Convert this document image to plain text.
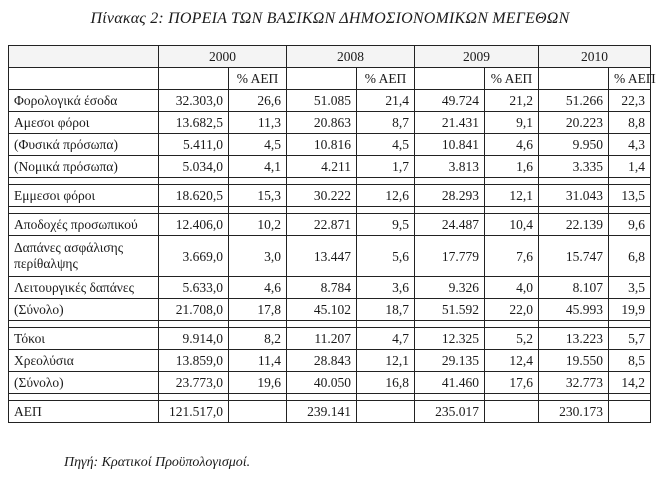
Πίνακας 2: ΠΟΡΕΙΑ ΤΩΝ ΒΑΣΙΚΩΝ ΔΗΜΟΣΙΟΝΟΜΙΚΩΝ ΜΕΓΕΘΩΝ
	2000		2008		2009		2010	
		% ΑΕΠ		% ΑΕΠ		% ΑΕΠ		% ΑΕΠ
Φορολογικά έσοδα	32.303,0	26,6	51.085	21,4	49.724	21,2	51.266	22,3
Αμεσοι φόροι	13.682,5	11,3	20.863	8,7	21.431	9,1	20.223	8,8
(Φυσικά πρόσωπα)	5.411,0	4,5	10.816	4,5	10.841	4,6	9.950	4,3
(Νομικά πρόσωπα)	5.034,0	4,1	4.211	1,7	3.813	1,6	3.335	1,4

Εμμεσοι φόροι	18.620,5	15,3	30.222	12,6	28.293	12,1	31.043	13,5

Αποδοχές προσωπικού	12.406,0	10,2	22.871	9,5	24.487	10,4	22.139	9,6
Δαπάνες ασφάλισης περίθαλψης	3.669,0	3,0	13.447	5,6	17.779	7,6	15.747	6,8
Λειτουργικές δαπάνες	5.633,0	4,6	8.784	3,6	9.326	4,0	8.107	3,5
(Σύνολο)	21.708,0	17,8	45.102	18,7	51.592	22,0	45.993	19,9

Τόκοι	9.914,0	8,2	11.207	4,7	12.325	5,2	13.223	5,7
Χρεολύσια	13.859,0	11,4	28.843	12,1	29.135	12,4	19.550	8,5
(Σύνολο)	23.773,0	19,6	40.050	16,8	41.460	17,6	32.773	14,2

ΑΕΠ	121.517,0		239.141		235.017		230.173	
Πηγή: Κρατικοί Προϋπολογισμοί.
